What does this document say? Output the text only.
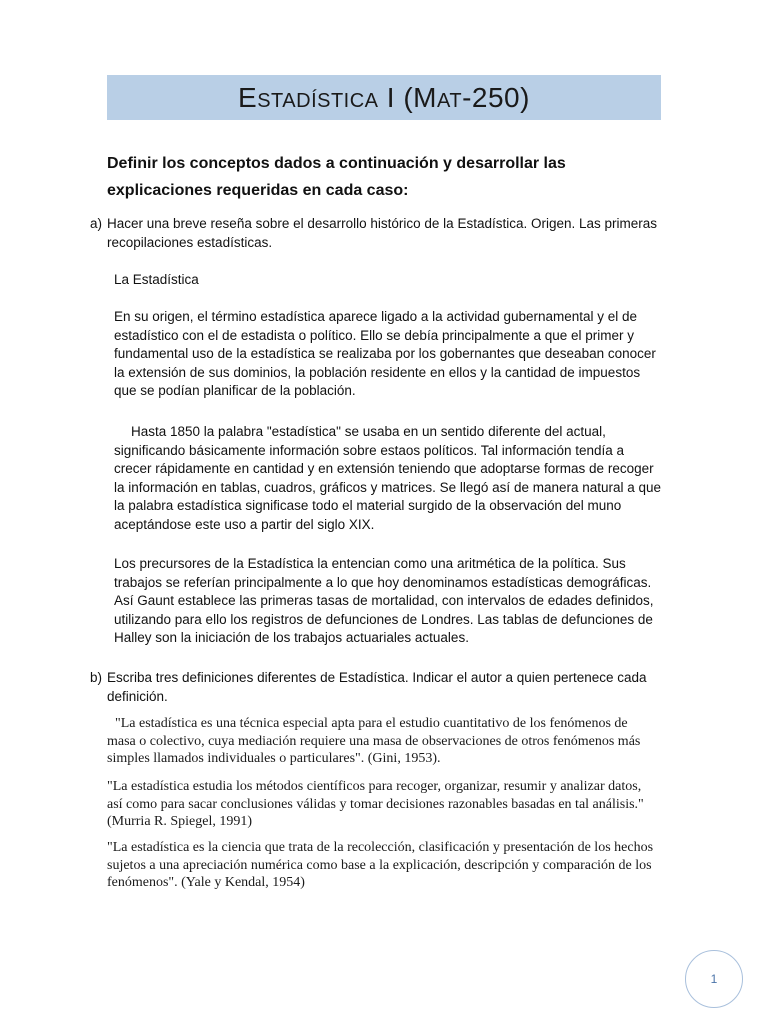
Estadística I (Mat-250)
Definir los conceptos dados a continuación y desarrollar las explicaciones requeridas en cada caso:
a) Hacer una breve reseña sobre el desarrollo histórico de la Estadística. Origen. Las primeras recopilaciones estadísticas.
La Estadística
En su origen, el término estadística aparece ligado a la actividad gubernamental y el de estadístico con el de estadista o político. Ello se debía principalmente a que el primer y fundamental uso de la estadística se realizaba por los gobernantes que deseaban conocer la extensión de sus dominios, la población residente en ellos y la cantidad de impuestos que se podían planificar de la población.
Hasta 1850 la palabra "estadística" se usaba en un sentido diferente del actual, significando básicamente información sobre estaos políticos. Tal información tendía a crecer rápidamente en cantidad y en extensión teniendo que adoptarse formas de recoger la información en tablas, cuadros, gráficos y matrices. Se llegó así de manera natural a que la palabra estadística significase todo el material surgido de la observación del muno aceptándose este uso a partir del siglo XIX.
Los precursores de la Estadística la entencian como una aritmética de la política. Sus trabajos se referían principalmente a lo que hoy denominamos estadísticas demográficas. Así Gaunt establece las primeras tasas de mortalidad, con intervalos de edades definidos, utilizando para ello los registros de defunciones de Londres. Las tablas de defunciones de Halley son la iniciación de los trabajos actuariales actuales.
b) Escriba tres definiciones diferentes de Estadística. Indicar el autor a quien pertenece cada definición.
"La estadística es una técnica especial apta para el estudio cuantitativo de los fenómenos de masa o colectivo, cuya mediación requiere una masa de observaciones de otros fenómenos más simples llamados individuales o particulares". (Gini, 1953).
"La estadística estudia los métodos científicos para recoger, organizar, resumir y analizar datos, así como para sacar conclusiones válidas y tomar decisiones razonables basadas en tal análisis." (Murria R. Spiegel, 1991)
"La estadística es la ciencia que trata de la recolección, clasificación y presentación de los hechos sujetos a una apreciación numérica como base a la explicación, descripción y comparación de los fenómenos". (Yale y Kendal, 1954)
1
